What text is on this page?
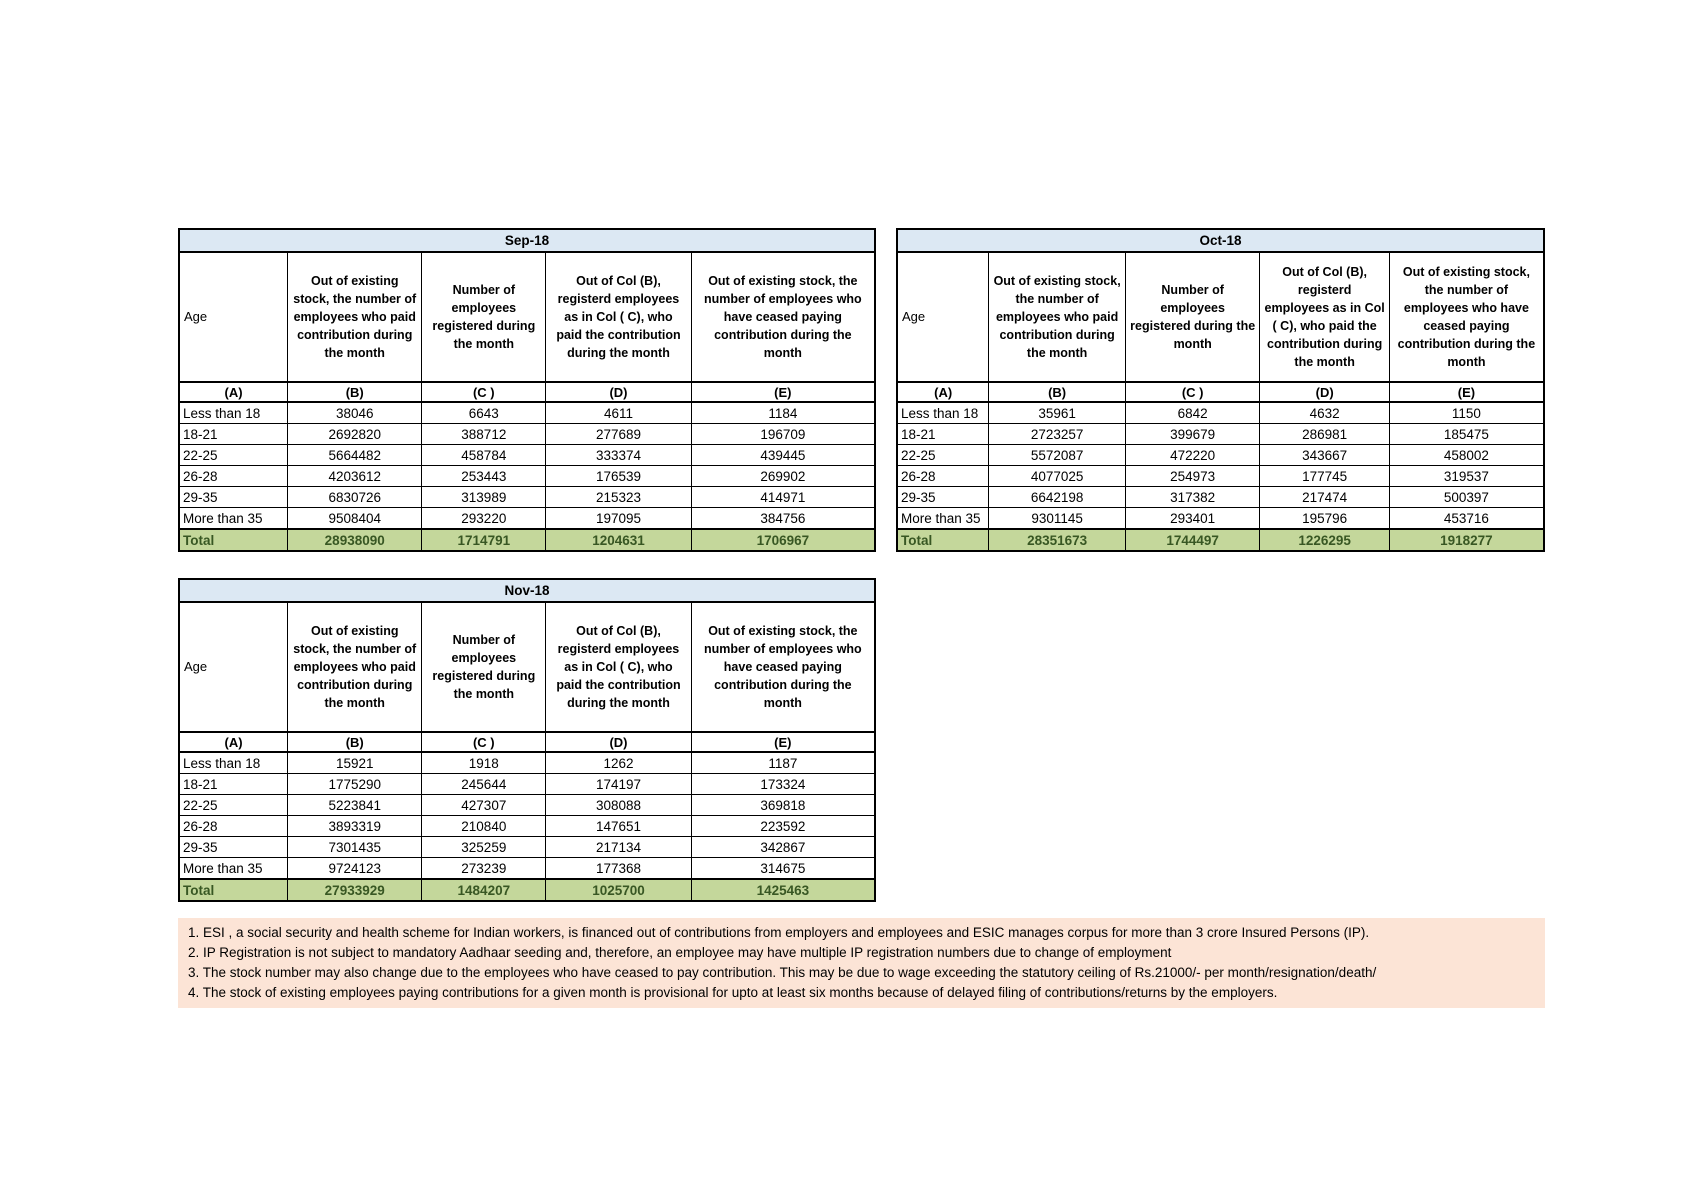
Sep-18				
Age	Out of existing stock, the number of employees who paid contribution during the month	Number of employees registered during the month	Out of Col (B), registerd employees as in Col ( C), who paid the contribution during the month	Out of existing stock, the number of employees who have ceased paying contribution during the month
(A)	(B)	(C )	(D)	(E)
Less than 18	38046	6643	4611	1184
18-21	2692820	388712	277689	196709
22-25	5664482	458784	333374	439445
26-28	4203612	253443	176539	269902
29-35	6830726	313989	215323	414971
More than 35	9508404	293220	197095	384756
Total	28938090	1714791	1204631	1706967
Oct-18				
Age	Out of existing stock, the number of employees who paid contribution during the month	Number of employees registered during the month	Out of Col (B), registerd employees as in Col ( C), who paid the contribution during the month	Out of existing stock, the number of employees who have ceased paying contribution during the month
(A)	(B)	(C )	(D)	(E)
Less than 18	35961	6842	4632	1150
18-21	2723257	399679	286981	185475
22-25	5572087	472220	343667	458002
26-28	4077025	254973	177745	319537
29-35	6642198	317382	217474	500397
More than 35	9301145	293401	195796	453716
Total	28351673	1744497	1226295	1918277
Nov-18				
Age	Out of existing stock, the number of employees who paid contribution during the month	Number of employees registered during the month	Out of Col (B), registerd employees as in Col ( C), who paid the contribution during the month	Out of existing stock, the number of employees who have ceased paying contribution during the month
(A)	(B)	(C )	(D)	(E)
Less than 18	15921	1918	1262	1187
18-21	1775290	245644	174197	173324
22-25	5223841	427307	308088	369818
26-28	3893319	210840	147651	223592
29-35	7301435	325259	217134	342867
More than 35	9724123	273239	177368	314675
Total	27933929	1484207	1025700	1425463
1. ESI , a social security and health scheme for Indian workers, is financed out of contributions from employers and employees and ESIC manages corpus for more than 3 crore Insured Persons (IP).
2. IP Registration is not subject to mandatory Aadhaar seeding and, therefore, an employee may have multiple IP registration numbers due to change of employment
3. The stock number may also change due to the employees who have ceased to pay contribution. This may be due to wage exceeding the statutory ceiling of Rs.21000/- per month/resignation/death/
4. The stock of existing employees paying contributions for a given month is provisional for upto at least six months because of delayed filing of contributions/returns by the employers.
